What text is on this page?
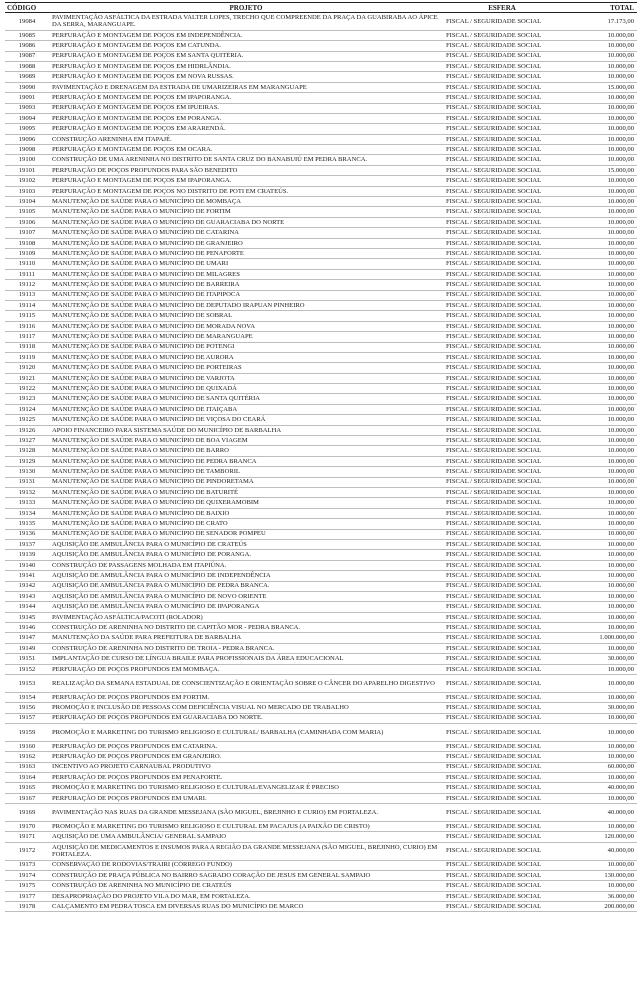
CÓDIGO	PROJETO	ESFERA	TOTAL
19084	PAVIMENTAÇÃO ASFÁLTICA DA ESTRADA VALTER LOPES, TRECHO QUE COMPREENDE DA PRAÇA DA GUABIRABA AO ÁPICE DA SERRA, MARANGUAPE.	FISCAL / SEGURIDADE SOCIAL	17.173,00
19085	PERFURAÇÃO E MONTAGEM DE POÇOS EM INDEPENDÊNCIA.	FISCAL / SEGURIDADE SOCIAL	10.000,00
19086	PERFURAÇÃO E MONTAGEM DE POÇOS EM CATUNDA.	FISCAL / SEGURIDADE SOCIAL	10.000,00
19087	PERFURAÇÃO E MONTAGEM DE POÇOS EM SANTA QUITÉRIA.	FISCAL / SEGURIDADE SOCIAL	10.000,00
19088	PERFURAÇÃO E MONTAGEM DE POÇOS EM HIDRLÂNDIA.	FISCAL / SEGURIDADE SOCIAL	10.000,00
19089	PERFURAÇÃO E MONTAGEM DE POÇOS EM NOVA RUSSAS.	FISCAL / SEGURIDADE SOCIAL	10.000,00
19090	PAVIMENTAÇÃO E DRENAGEM DA ESTRADA DE UMARIZEIRAS EM MARANGUAPE	FISCAL / SEGURIDADE SOCIAL	15.000,00
19091	PERFURAÇÃO E MONTAGEM DE POÇOS EM IPAPORANGA.	FISCAL / SEGURIDADE SOCIAL	10.000,00
19093	PERFURAÇÃO E MONTAGEM DE POÇOS EM IPUEIRAS.	FISCAL / SEGURIDADE SOCIAL	10.000,00
19094	PERFURAÇÃO E MONTAGEM DE POÇOS EM PORANGA.	FISCAL / SEGURIDADE SOCIAL	10.000,00
19095	PERFURAÇÃO E MONTAGEM DE POÇOS EM ARARENDÁ.	FISCAL / SEGURIDADE SOCIAL	10.000,00
19096	CONSTRUÇÃO ARENINHA EM ITAPAJÉ.	FISCAL / SEGURIDADE SOCIAL	10.000,00
19098	PERFURAÇÃO E MONTAGEM DE POÇOS EM OCARA.	FISCAL / SEGURIDADE SOCIAL	10.000,00
19100	CONSTRUÇÃO DE UMA ARENINHA NO DISTRITO DE SANTA CRUZ DO BANABUIÚ EM PEDRA BRANCA.	FISCAL / SEGURIDADE SOCIAL	10.000,00
19101	PERFURAÇÃO DE POÇOS PROFUNDOS PARA SÃO BENEDITO	FISCAL / SEGURIDADE SOCIAL	15.000,00
19102	PERFURAÇÃO E MONTAGEM DE POÇOS EM IPAPORANGA.	FISCAL / SEGURIDADE SOCIAL	10.000,00
19103	PERFURAÇÃO E MONTAGEM DE POÇOS NO DISTRITO DE POTI EM CRATEÚS.	FISCAL / SEGURIDADE SOCIAL	10.000,00
19104	MANUTENÇÃO DE SAÚDE PARA O MUNICÍPIO DE MOMBAÇA	FISCAL / SEGURIDADE SOCIAL	10.000,00
19105	MANUTENÇÃO DE SAÚDE PARA O MUNICÍPIO DE FORTIM	FISCAL / SEGURIDADE SOCIAL	10.000,00
19106	MANUTENÇÃO DE SAÚDE PARA O MUNICÍPIO DE GUARACIABA DO NORTE	FISCAL / SEGURIDADE SOCIAL	10.000,00
19107	MANUTENÇÃO DE SAÚDE PARA O MUNICÍPIO DE CATARINA	FISCAL / SEGURIDADE SOCIAL	10.000,00
19108	MANUTENÇÃO DE SAÚDE PARA O MUNICÍPIO DE GRANJEIRO	FISCAL / SEGURIDADE SOCIAL	10.000,00
19109	MANUTENÇÃO DE SAÚDE PARA O MUNICÍPIO DE PENAFORTE	FISCAL / SEGURIDADE SOCIAL	10.000,00
19110	MANUTENÇÃO DE SAÚDE PARA O MUNICÍPIO DE UMARI	FISCAL / SEGURIDADE SOCIAL	10.000,00
19111	MANUTENÇÃO DE SAÚDE PARA O MUNICÍPIO DE MILAGRES	FISCAL / SEGURIDADE SOCIAL	10.000,00
19112	MANUTENÇÃO DE SAÚDE PARA O MUNICÍPIO DE BARREIRA	FISCAL / SEGURIDADE SOCIAL	10.000,00
19113	MANUTENÇÃO DE SAÚDE PARA O MUNICÍPIO DE ITAPIPOCA	FISCAL / SEGURIDADE SOCIAL	10.000,00
19114	MANUTENÇÃO DE SAÚDE PARA O MUNICÍPIO DE DEPUTADO IRAPUAN PINHEIRO	FISCAL / SEGURIDADE SOCIAL	10.000,00
19115	MANUTENÇÃO DE SAÚDE PARA O MUNICÍPIO DE SOBRAL	FISCAL / SEGURIDADE SOCIAL	10.000,00
19116	MANUTENÇÃO DE SAÚDE PARA O MUNICÍPIO DE MORADA NOVA	FISCAL / SEGURIDADE SOCIAL	10.000,00
19117	MANUTENÇÃO DE SAÚDE PARA O MUNICÍPIO DE MARANGUAPE	FISCAL / SEGURIDADE SOCIAL	10.000,00
19118	MANUTENÇÃO DE SAÚDE PARA O MUNICÍPIO DE POTENGI	FISCAL / SEGURIDADE SOCIAL	10.000,00
19119	MANUTENÇÃO DE SAÚDE PARA O MUNICÍPIO DE AURORA	FISCAL / SEGURIDADE SOCIAL	10.000,00
19120	MANUTENÇÃO DE SAÚDE PARA O MUNICÍPIO DE PORTEIRAS	FISCAL / SEGURIDADE SOCIAL	10.000,00
19121	MANUTENÇÃO DE SAÚDE PARA O MUNICÍPIO DE VARJOTA	FISCAL / SEGURIDADE SOCIAL	10.000,00
19122	MANUTENÇÃO DE SAÚDE PARA O MUNICÍPIO DE QUIXADÁ	FISCAL / SEGURIDADE SOCIAL	10.000,00
19123	MANUTENÇÃO DE SAÚDE PARA O MUNICÍPIO DE SANTA QUITÉRIA	FISCAL / SEGURIDADE SOCIAL	10.000,00
19124	MANUTENÇÃO DE SAÚDE PARA O MUNICÍPIO DE ITAIÇABA	FISCAL / SEGURIDADE SOCIAL	10.000,00
19125	MANUTENÇÃO DE SAÚDE PARA O MUNICÍPIO DE VIÇOSA DO CEARÁ	FISCAL / SEGURIDADE SOCIAL	10.000,00
19126	APOIO FINANCEIRO PARA SISTEMA SAÚDE DO MUNICÍPIO DE BARBALHA	FISCAL / SEGURIDADE SOCIAL	10.000,00
19127	MANUTENÇÃO DE SAÚDE PARA O MUNICÍPIO DE BOA VIAGEM	FISCAL / SEGURIDADE SOCIAL	10.000,00
19128	MANUTENÇÃO DE SAÚDE PARA O MUNICÍPIO DE BARRO	FISCAL / SEGURIDADE SOCIAL	10.000,00
19129	MANUTENÇÃO DE SAÚDE PARA O MUNICÍPIO DE PEDRA BRANCA	FISCAL / SEGURIDADE SOCIAL	10.000,00
19130	MANUTENÇÃO DE SAÚDE PARA O MUNICÍPIO DE TAMBORIL	FISCAL / SEGURIDADE SOCIAL	10.000,00
19131	MANUTENÇÃO DE SAÚDE PARA O MUNICÍPIO DE PINDORETAMA	FISCAL / SEGURIDADE SOCIAL	10.000,00
19132	MANUTENÇÃO DE SAÚDE PARA O MUNICÍPIO DE BATURITÉ	FISCAL / SEGURIDADE SOCIAL	10.000,00
19133	MANUTENÇÃO DE SAÚDE PARA O MUNICÍPIO DE QUIXERAMOBIM	FISCAL / SEGURIDADE SOCIAL	10.000,00
19134	MANUTENÇÃO DE SAÚDE PARA O MUNICÍPIO DE BAIXIO	FISCAL / SEGURIDADE SOCIAL	10.000,00
19135	MANUTENÇÃO DE SAÚDE PARA O MUNICÍPIO DE CRATO	FISCAL / SEGURIDADE SOCIAL	10.000,00
19136	MANUTENÇÃO DE SAÚDE PARA O MUNICÍPIO DE SENADOR POMPEU	FISCAL / SEGURIDADE SOCIAL	10.000,00
19137	AQUISIÇÃO DE AMBULÂNCIA PARA O MUNICÍPIO DE CRATEÚS	FISCAL / SEGURIDADE SOCIAL	10.000,00
19139	AQUISIÇÃO DE AMBULÂNCIA PARA O MUNICÍPIO DE PORANGA.	FISCAL / SEGURIDADE SOCIAL	10.000,00
19140	CONSTRUÇÃO DE PASSAGENS MOLHADA EM ITAPIÚNA.	FISCAL / SEGURIDADE SOCIAL	10.000,00
19141	AQUISIÇÃO DE AMBULÂNCIA PARA O MUNICÍPIO DE INDEPENDÊNCIA	FISCAL / SEGURIDADE SOCIAL	10.000,00
19142	AQUISIÇÃO DE AMBULÂNCIA PARA O MUNICÍPIO DE PEDRA BRANCA.	FISCAL / SEGURIDADE SOCIAL	10.000,00
19143	AQUISIÇÃO DE AMBULÂNCIA PARA O MUNICÍPIO DE NOVO ORIENTE	FISCAL / SEGURIDADE SOCIAL	10.000,00
19144	AQUISIÇÃO DE AMBULÂNCIA PARA O MUNICÍPIO DE IPAPORANGA	FISCAL / SEGURIDADE SOCIAL	10.000,00
19145	PAVIMENTAÇÃO ASFÁLTICA/PACOTI (ROLADOR)	FISCAL / SEGURIDADE SOCIAL	10.000,00
19146	CONSTRUÇÃO DE ARENINHA NO DISTRITO DE CAPITÃO MOR - PEDRA BRANCA.	FISCAL / SEGURIDADE SOCIAL	10.000,00
19147	MANUTENÇÃO DA SAÚDE PARA PREFEITURA DE BARBALHA	FISCAL / SEGURIDADE SOCIAL	1.000.000,00
19149	CONSTRUÇÃO DE ARENINHA NO DISTRITO DE TROIA - PEDRA BRANCA.	FISCAL / SEGURIDADE SOCIAL	10.000,00
19151	IMPLANTAÇÃO DE CURSO DE LÍNGUA BRAILE PARA PROFISSIONAIS DA ÁREA EDUCACIONAL	FISCAL / SEGURIDADE SOCIAL	30.000,00
19152	PERFURAÇÃO DE POÇOS PROFUNDOS EM MOMBAÇA.	FISCAL / SEGURIDADE SOCIAL	10.000,00
19153	REALIZAÇÃO DA SEMANA ESTADUAL DE CONSCIENTIZAÇÃO E ORIENTAÇÃO SOBRE O CÂNCER DO APARELHO DIGESTIVO	FISCAL / SEGURIDADE SOCIAL	10.000,00
19154	PERFURAÇÃO DE POÇOS PROFUNDOS EM FORTIM.	FISCAL / SEGURIDADE SOCIAL	10.000,00
19156	PROMOÇÃO E INCLUSÃO DE PESSOAS COM DEFICIÊNCIA VISUAL NO MERCADO DE TRABALHO	FISCAL / SEGURIDADE SOCIAL	30.000,00
19157	PERFURAÇÃO DE POÇOS PROFUNDOS EM GUARACIABA DO NORTE.	FISCAL / SEGURIDADE SOCIAL	10.000,00
19159	PROMOÇÃO E MARKETING DO TURISMO RELIGIOSO E CULTURAL/ BARBALHA (CAMINHADA COM MARIA)	FISCAL / SEGURIDADE SOCIAL	10.000,00
19160	PERFURAÇÃO DE POÇOS PROFUNDOS EM CATARINA.	FISCAL / SEGURIDADE SOCIAL	10.000,00
19162	PERFURAÇÃO DE POÇOS PROFUNDOS EM GRANJEIRO.	FISCAL / SEGURIDADE SOCIAL	10.000,00
19163	INCENTIVO AO PROJETO CARNAUBAL PRODUTIVO	FISCAL / SEGURIDADE SOCIAL	60.000,00
19164	PERFURAÇÃO DE POÇOS PROFUNDOS EM PENAFORTE.	FISCAL / SEGURIDADE SOCIAL	10.000,00
19165	PROMOÇÃO E MARKETING DO TURISMO RELIGIOSO E CULTURAL/EVANGELIZAR É PRECISO	FISCAL / SEGURIDADE SOCIAL	40.000,00
19167	PERFURAÇÃO DE POÇOS PROFUNDOS EM UMARI.	FISCAL / SEGURIDADE SOCIAL	10.000,00
19169	PAVIMENTAÇÃO NAS RUAS DA GRANDE MESSEJANA (SÃO MIGUEL, BREJINHO E CURIO) EM FORTALEZA.	FISCAL / SEGURIDADE SOCIAL	40.000,00
19170	PROMOÇÃO E MARKETING DO TURISMO RELIGIOSO E CULTURAL EM PACAJUS (A PAIXÃO DE CRISTO)	FISCAL / SEGURIDADE SOCIAL	10.000,00
19171	AQUISIÇÃO DE UMA AMBULÂNCIA/ GENERAL SAMPAIO	FISCAL / SEGURIDADE SOCIAL	120.000,00
19172	AQUISIÇÃO DE MEDICAMENTOS E INSUMOS PARA A REGIÃO DA GRANDE MESSEJANA (SÃO MIGUEL, BREJINHO, CURIO) EM FORTALEZA.	FISCAL / SEGURIDADE SOCIAL	40.000,00
19173	CONSERVAÇÃO DE RODOVIAS/TRAIRI (CÓRREGO FUNDO)	FISCAL / SEGURIDADE SOCIAL	10.000,00
19174	CONSTRUÇÃO DE PRAÇA PÚBLICA NO BAIRRO SAGRADO CORAÇÃO DE JESUS EM GENERAL SAMPAIO	FISCAL / SEGURIDADE SOCIAL	130.000,00
19175	CONSTRUÇÃO DE ARENINHA NO MUNICÍPIO DE CRATEÚS	FISCAL / SEGURIDADE SOCIAL	10.000,00
19177	DESAPROPRIAÇÃO DO PROJETO VILA DO MAR, EM FORTALEZA.	FISCAL / SEGURIDADE SOCIAL	36.000,00
19178	CALÇAMENTO EM PEDRA TOSCA EM DIVERSAS RUAS DO MUNICÍPIO DE MARCO	FISCAL / SEGURIDADE SOCIAL	200.000,00
